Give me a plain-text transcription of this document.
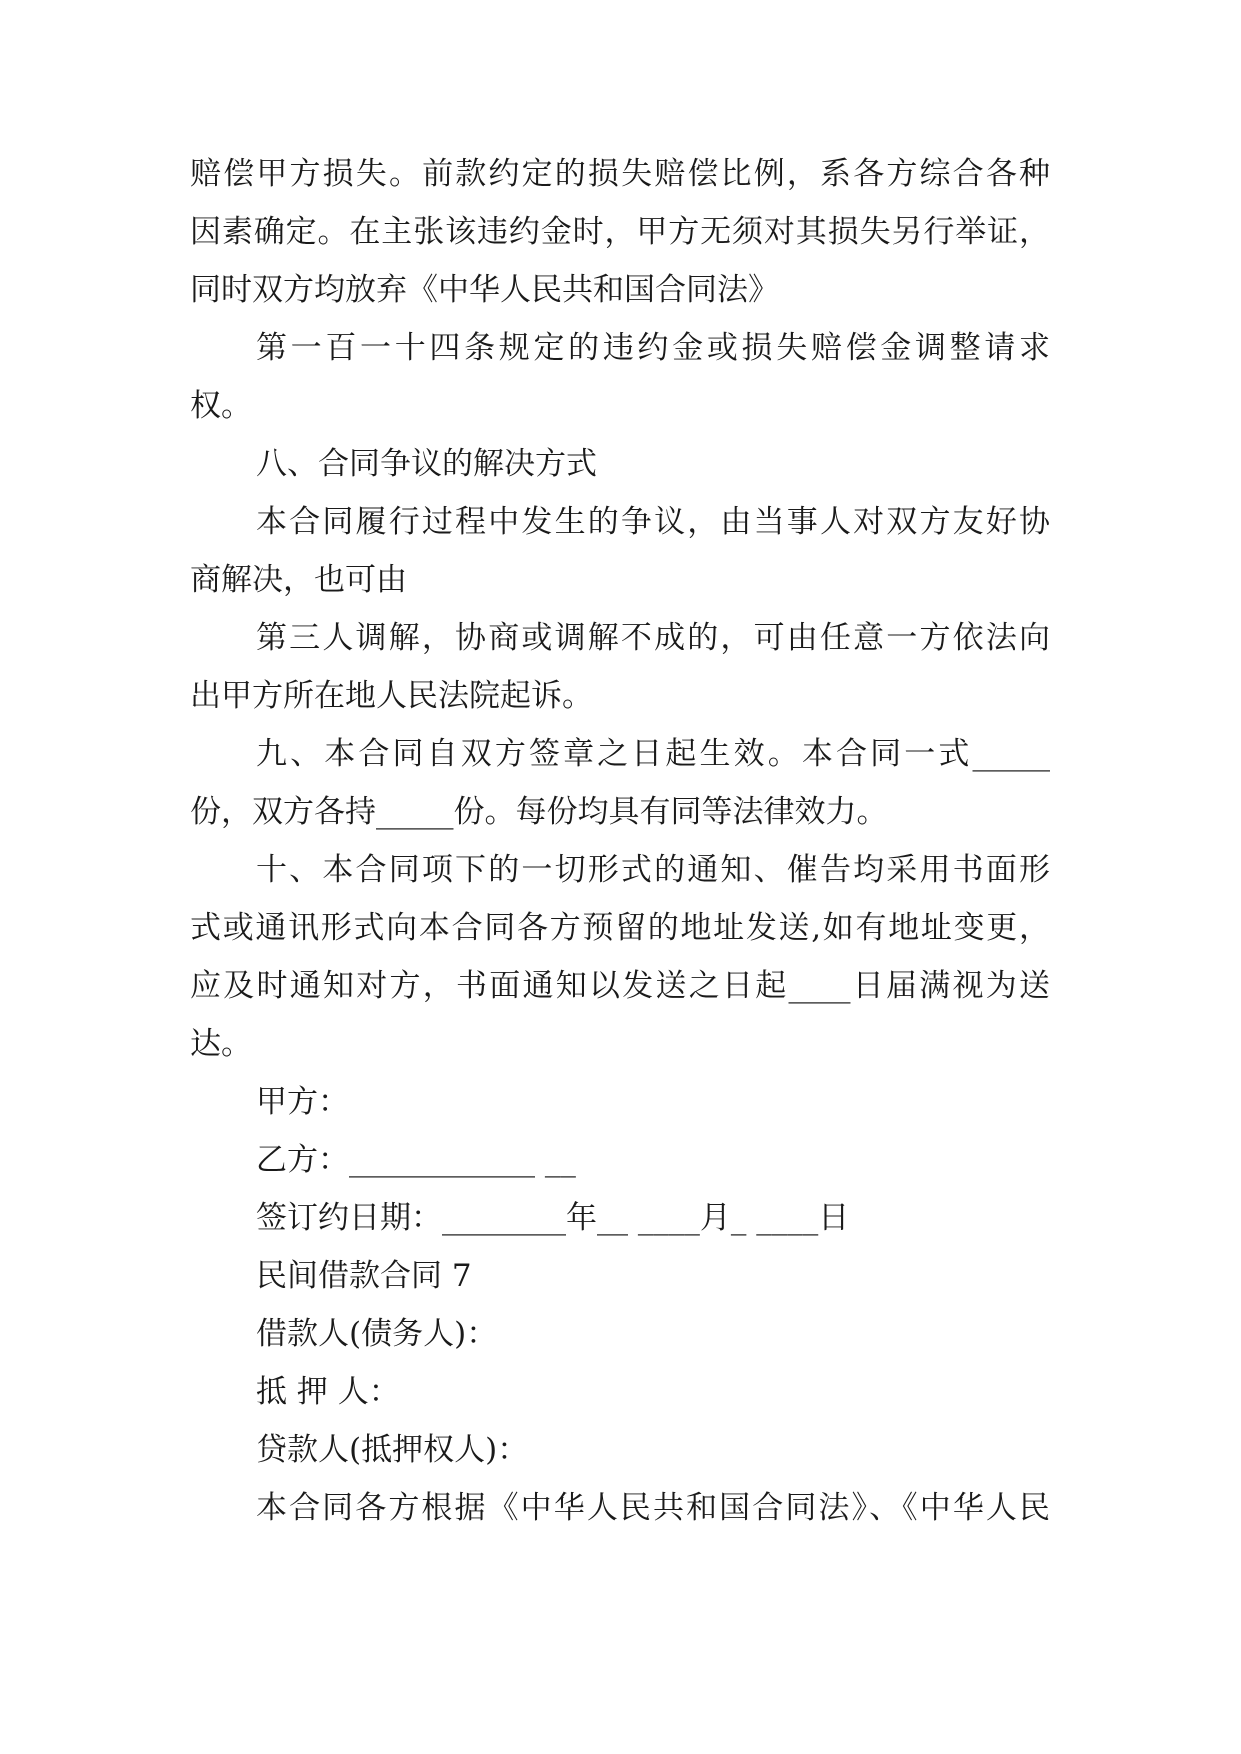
赔偿甲方损失。前款约定的损失赔偿比例，系各方综合各种
因素确定。在主张该违约金时，甲方无须对其损失另行举证，
同时双方均放弃《中华人民共和国合同法》
第一百一十四条规定的违约金或损失赔偿金调整请求
权。
八、合同争议的解决方式
本合同履行过程中发生的争议，由当事人对双方友好协
商解决，也可由
第三人调解，协商或调解不成的，可由任意一方依法向
出甲方所在地人民法院起诉。
九、本合同自双方签章之日起生效。本合同一式_____
份，双方各持_____份。每份均具有同等法律效力。
十、本合同项下的一切形式的通知、催告均采用书面形
式或通讯形式向本合同各方预留的地址发送,如有地址变更，
应及时通知对方，书面通知以发送之日起____日届满视为送
达。
甲方：
乙方：____________ __
签订约日期：________年__ ____月_ ____日
民间借款合同 7
借款人(债务人)：
抵 押 人：
贷款人(抵押权人)：
本合同各方根据《中华人民共和国合同法》、《中华人民
